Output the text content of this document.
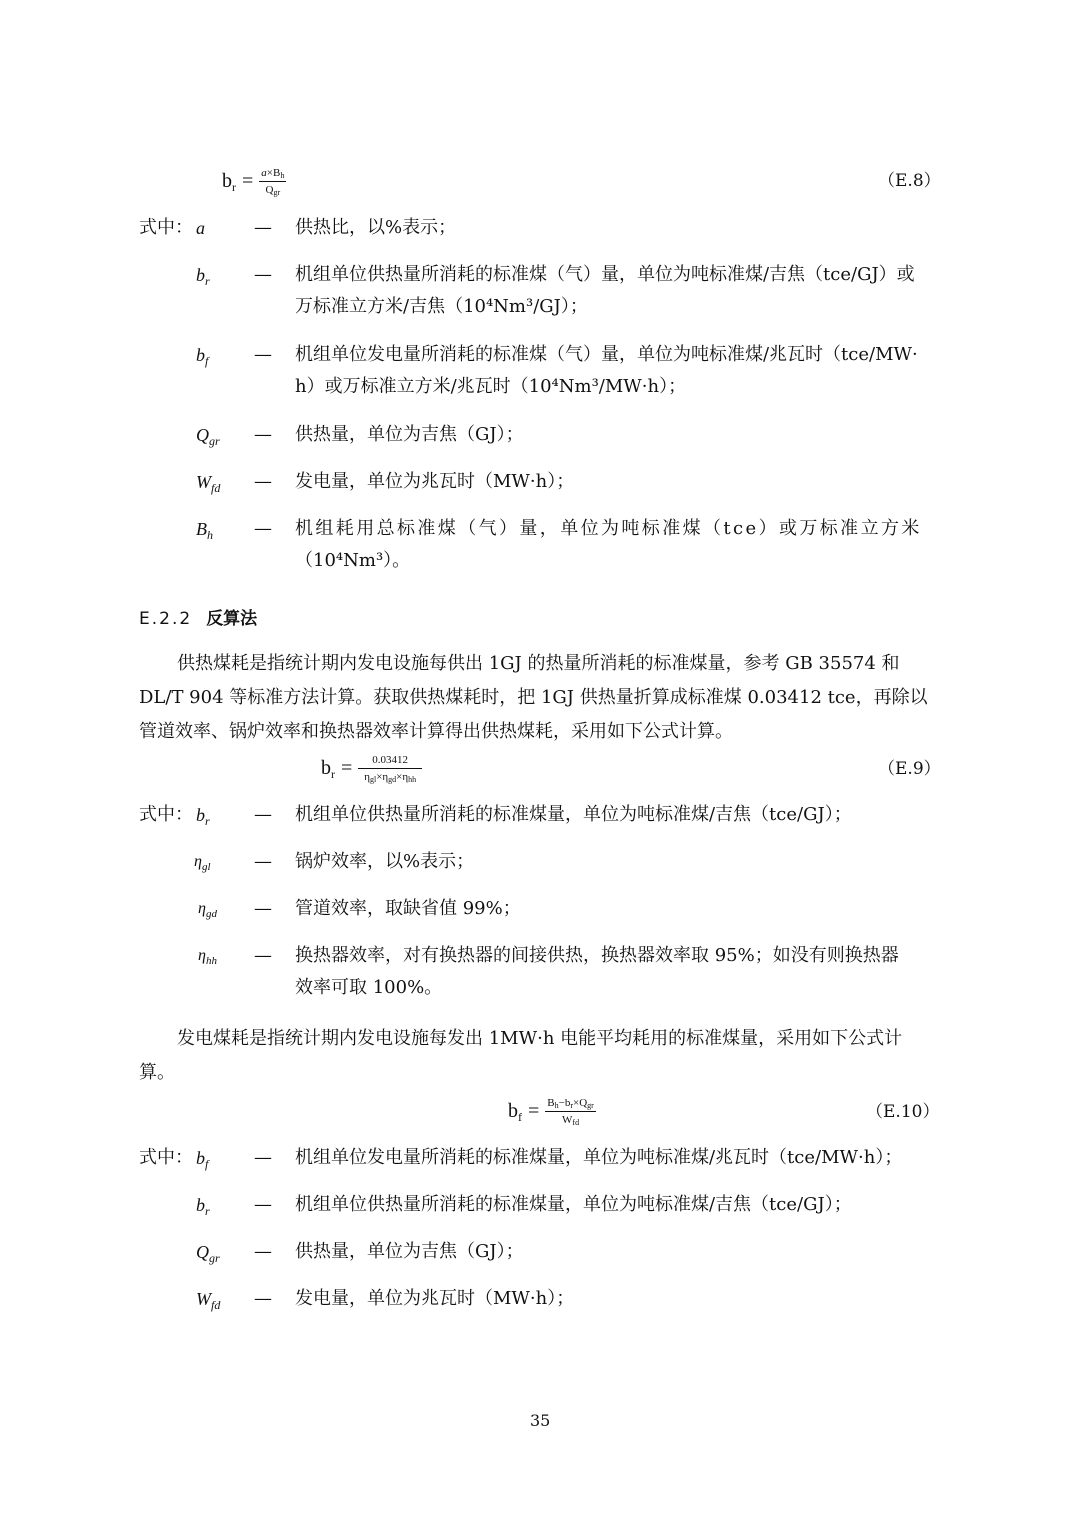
$b_r = \frac{a\times B_h}{Q_{gr}}$	（E.8）
式中： a	— 供热比，以%表示；
$b_r$ — 机组单位供热量所消耗的标准煤（气）量，单位为吨标准煤/吉焦（tce/GJ）或
万标准立方米/吉焦（10⁴Nm³/GJ）；
$b_f$	— 机组单位发电量所消耗的标准煤（气）量，单位为吨标准煤/兆瓦时（tce/MW·
h）或万标准立方米/兆瓦时（10⁴Nm³/MW·h）；
$Q_{gr}$ — 供热量，单位为吉焦（GJ）；
$W_{fd}$ — 发电量，单位为兆瓦时（MW·h）；
$B_h$ — 机组耗用总标准煤（气）量，单位为吨标准煤（tce）或万标准立方米
（10⁴Nm³）。
E.2.2 反算法
供热煤耗是指统计期内发电设施每供出 1GJ 的热量所消耗的标准煤量，参考 GB 35574 和
DL/T 904 等标准方法计算。获取供热煤耗时，把 1GJ 供热量折算成标准煤 0.03412 tce，再除以
管道效率、锅炉效率和换热器效率计算得出供热煤耗，采用如下公式计算。
$b_r = \frac{0.03412}{\eta_{gl}\times\eta_{gd}\times\eta_{hh}}$	（E.9）
式中： $b_r$ — 机组单位供热量所消耗的标准煤量，单位为吨标准煤/吉焦（tce/GJ）；
$\eta_{gl}$ — 锅炉效率，以%表示；
$\eta_{gd}$ — 管道效率，取缺省值 99%；
$\eta_{hh}$ — 换热器效率，对有换热器的间接供热，换热器效率取 95%；如没有则换热器
效率可取 100%。
发电煤耗是指统计期内发电设施每发出 1MW·h 电能平均耗用的标准煤量，采用如下公式计
算。
$b_f = \frac{B_h-b_r\times Q_{gr}}{W_{fd}}$	（E.10）
式中： $b_f$	— 机组单位发电量所消耗的标准煤量，单位为吨标准煤/兆瓦时（tce/MW·h）；
$b_r$ — 机组单位供热量所消耗的标准煤量，单位为吨标准煤/吉焦（tce/GJ）；
$Q_{gr}$ — 供热量，单位为吉焦（GJ）；
$W_{fd}$ — 发电量，单位为兆瓦时（MW·h）；
35
